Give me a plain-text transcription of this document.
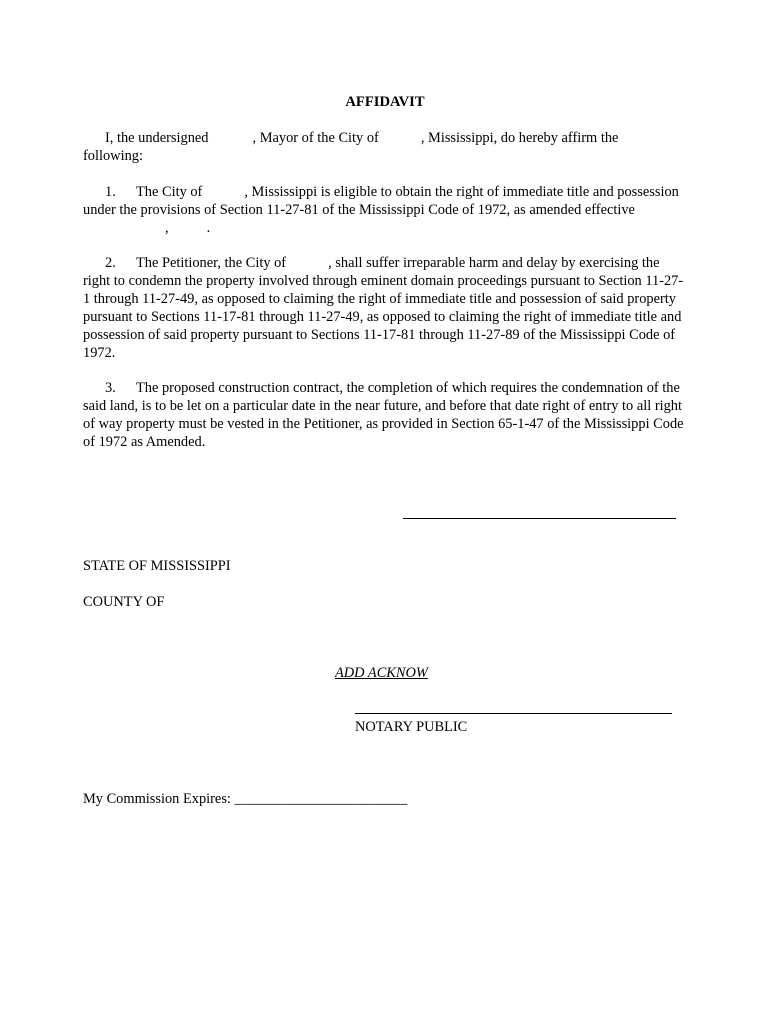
AFFIDAVIT
I, the undersigned	, Mayor of the City of	, Mississippi, do hereby affirm the
following:
1. The City of	, Mississippi is eligible to obtain the right of immediate title and possession under the provisions of Section 11-27-81 of the Mississippi Code of 1972, as amended effective,	.
2. The Petitioner, the City of	, shall suffer irreparable harm and delay by exercising the right to condemn the property involved through eminent domain proceedings pursuant to Section 11-27-1 through 11-27-49, as opposed to claiming the right of immediate title and possession of said property pursuant to Sections 11-17-81 through 11-27-49, as opposed to claiming the right of immediate title and possession of said property pursuant to Sections 11-17-81 through 11-27-89 of the Mississippi Code of 1972.
3. The proposed construction contract, the completion of which requires the condemnation of the said land, is to be let on a particular date in the near future, and before that date right of entry to all right of way property must be vested in the Petitioner, as provided in Section 65-1-47 of the Mississippi Code of 1972 as Amended.
STATE OF MISSISSIPPI
COUNTY OF
ADD ACKNOW
NOTARY PUBLIC
My Commission Expires: ________________________
